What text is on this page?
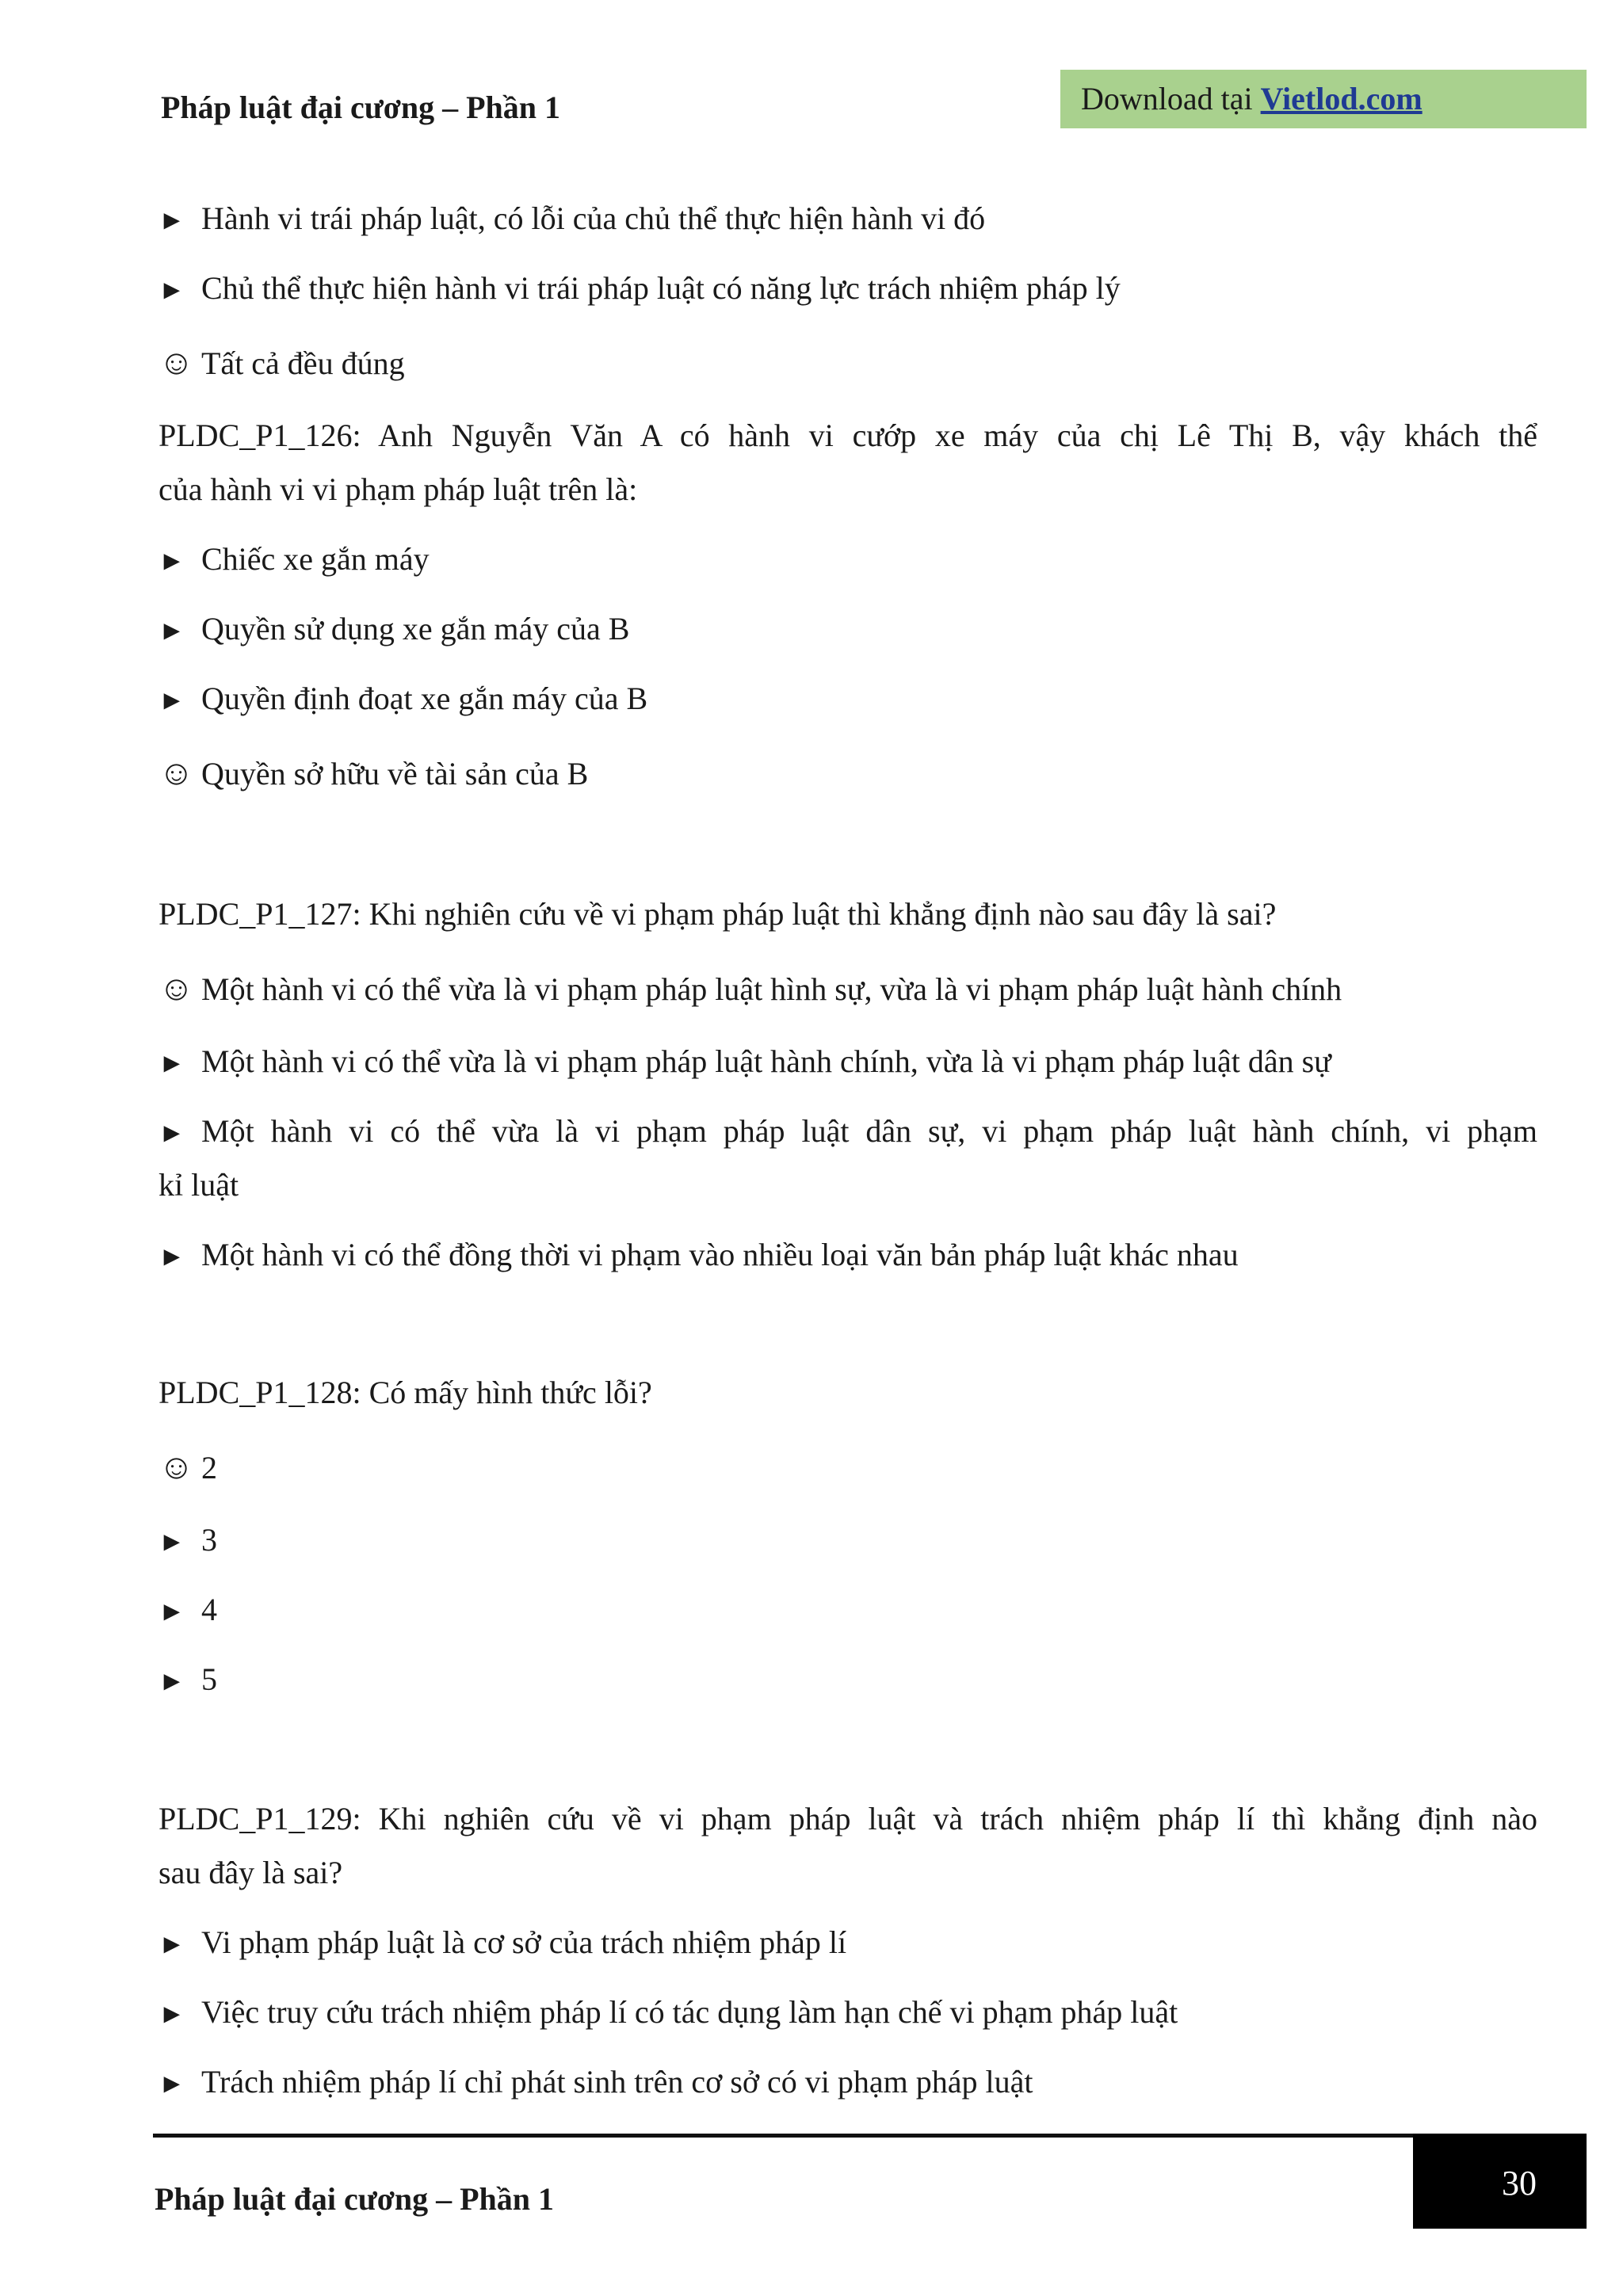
Pháp luật đại cương – Phần 1	Download tại Vietlod.com
► Hành vi trái pháp luật, có lỗi của chủ thể thực hiện hành vi đó
► Chủ thể thực hiện hành vi trái pháp luật có năng lực trách nhiệm pháp lý
☺ Tất cả đều đúng
PLDC_P1_126: Anh Nguyễn Văn A có hành vi cướp xe máy của chị Lê Thị B, vậy khách thể
của hành vi vi phạm pháp luật trên là:
► Chiếc xe gắn máy
► Quyền sử dụng xe gắn máy của B
► Quyền định đoạt xe gắn máy của B
☺ Quyền sở hữu về tài sản của B
PLDC_P1_127: Khi nghiên cứu về vi phạm pháp luật thì khẳng định nào sau đây là sai?
☺ Một hành vi có thể vừa là vi phạm pháp luật hình sự, vừa là vi phạm pháp luật hành chính
► Một hành vi có thể vừa là vi phạm pháp luật hành chính, vừa là vi phạm pháp luật dân sự
► Một hành vi có thể vừa là vi phạm pháp luật dân sự, vi phạm pháp luật hành chính, vi phạm
kỉ luật
► Một hành vi có thể đồng thời vi phạm vào nhiều loại văn bản pháp luật khác nhau
PLDC_P1_128: Có mấy hình thức lỗi?
☺ 2
► 3
► 4
► 5
PLDC_P1_129: Khi nghiên cứu về vi phạm pháp luật và trách nhiệm pháp lí thì khẳng định nào
sau đây là sai?
► Vi phạm pháp luật là cơ sở của trách nhiệm pháp lí
► Việc truy cứu trách nhiệm pháp lí có tác dụng làm hạn chế vi phạm pháp luật
► Trách nhiệm pháp lí chỉ phát sinh trên cơ sở có vi phạm pháp luật
Pháp luật đại cương – Phần 1	30
